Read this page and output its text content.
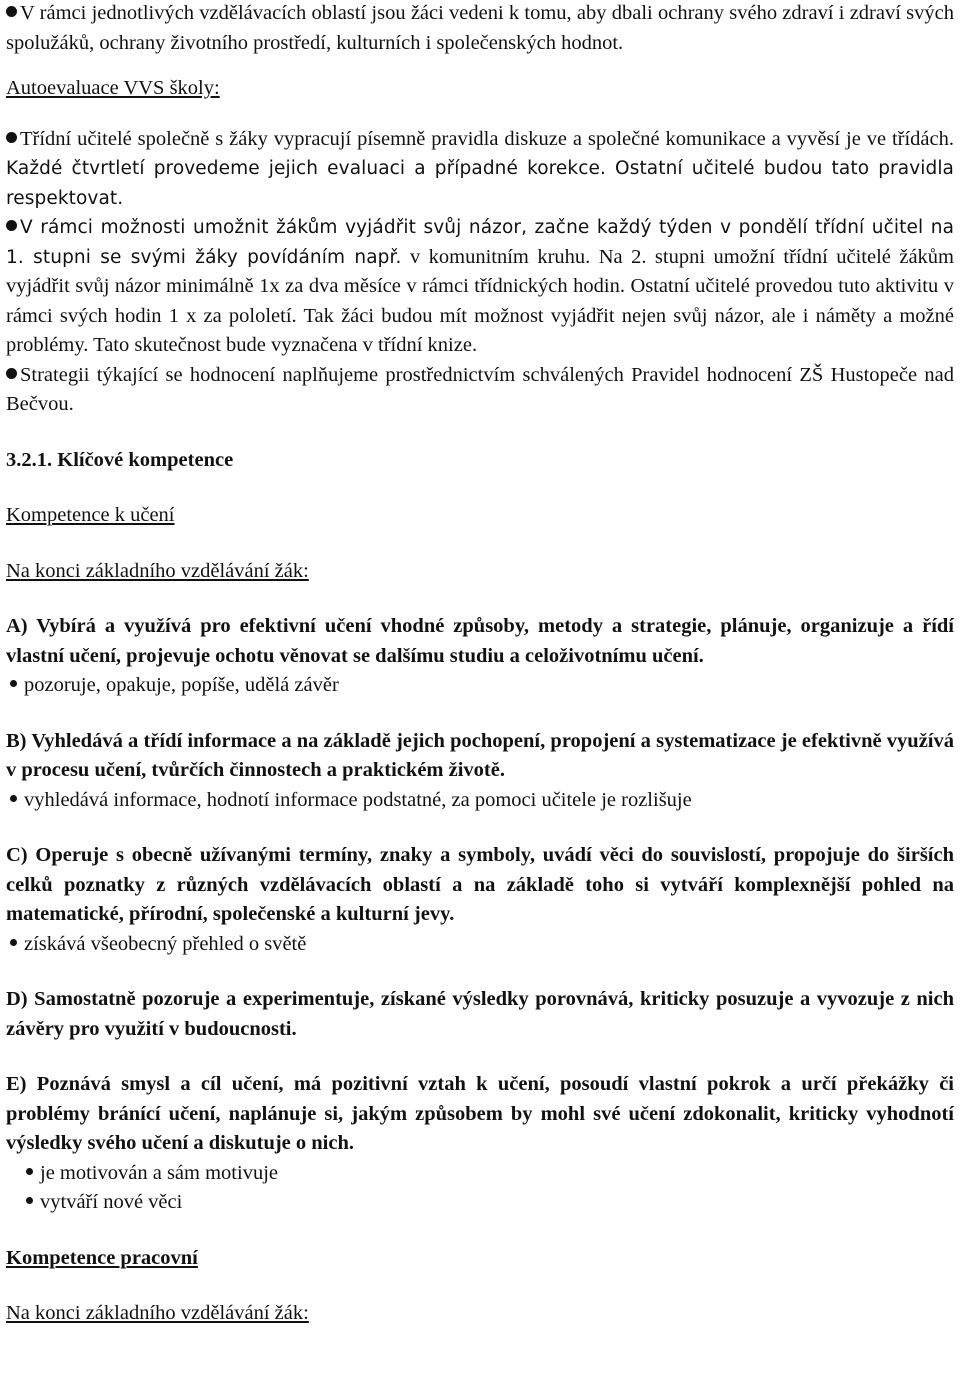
V rámci jednotlivých vzdělávacích oblastí jsou žáci vedeni k tomu, aby dbali ochrany svého zdraví i zdraví svých spolužáků, ochrany životního prostředí, kulturních i společenských hodnot.

Autoevaluace VVS školy:

Třídní učitelé společně s žáky vypracují písemně pravidla diskuze a společné komunikace a vyvěsí je ve třídách. Každé čtvrtletí provedeme jejich evaluaci a případné korekce. Ostatní učitelé budou tato pravidla respektovat.

V rámci možnosti umožnit žákům vyjádřit svůj názor, začne každý týden v pondělí třídní učitel na 1. stupni se svými žáky povídáním např. v komunitním kruhu. Na 2. stupni umožní třídní učitelé žákům vyjádřit svůj názor minimálně 1x za dva měsíce v rámci třídnických hodin. Ostatní učitelé provedou tuto aktivitu v rámci svých hodin 1 x za pololetí. Tak žáci budou mít možnost vyjádřit nejen svůj názor, ale i náměty a možné problémy. Tato skutečnost bude vyznačena v třídní knize.

Strategii týkající se hodnocení naplňujeme prostřednictvím schválených Pravidel hodnocení ZŠ Hustopeče nad Bečvou.

3.2.1. Klíčové kompetence

Kompetence k učení

Na konci základního vzdělávání žák:

A) Vybírá a využívá pro efektivní učení vhodné způsoby, metody a strategie, plánuje, organizuje a řídí vlastní učení, projevuje ochotu věnovat se dalšímu studiu a celoživotnímu učení.

pozoruje, opakuje, popíše, udělá závěr

B) Vyhledává a třídí informace a na základě jejich pochopení, propojení a systematizace je efektivně využívá v procesu učení, tvůrčích činnostech a praktickém životě.

vyhledává informace, hodnotí informace podstatné, za pomoci učitele je rozlišuje

C) Operuje s obecně užívanými termíny, znaky a symboly, uvádí věci do souvislostí, propojuje do širších celků poznatky z různých vzdělávacích oblastí a na základě toho si vytváří komplexnější pohled na matematické, přírodní, společenské a kulturní jevy.

získává všeobecný přehled o světě

D) Samostatně pozoruje a experimentuje, získané výsledky porovnává, kriticky posuzuje a vyvozuje z nich závěry pro využití v budoucnosti.

E) Poznává smysl a cíl učení, má pozitivní vztah k učení, posoudí vlastní pokrok a určí překážky či problémy bránící učení, naplánuje si, jakým způsobem by mohl své učení zdokonalit, kriticky vyhodnotí výsledky svého učení a diskutuje o nich.

je motivován a sám motivuje

vytváří nové věci

Kompetence pracovní

Na konci základního vzdělávání žák:
